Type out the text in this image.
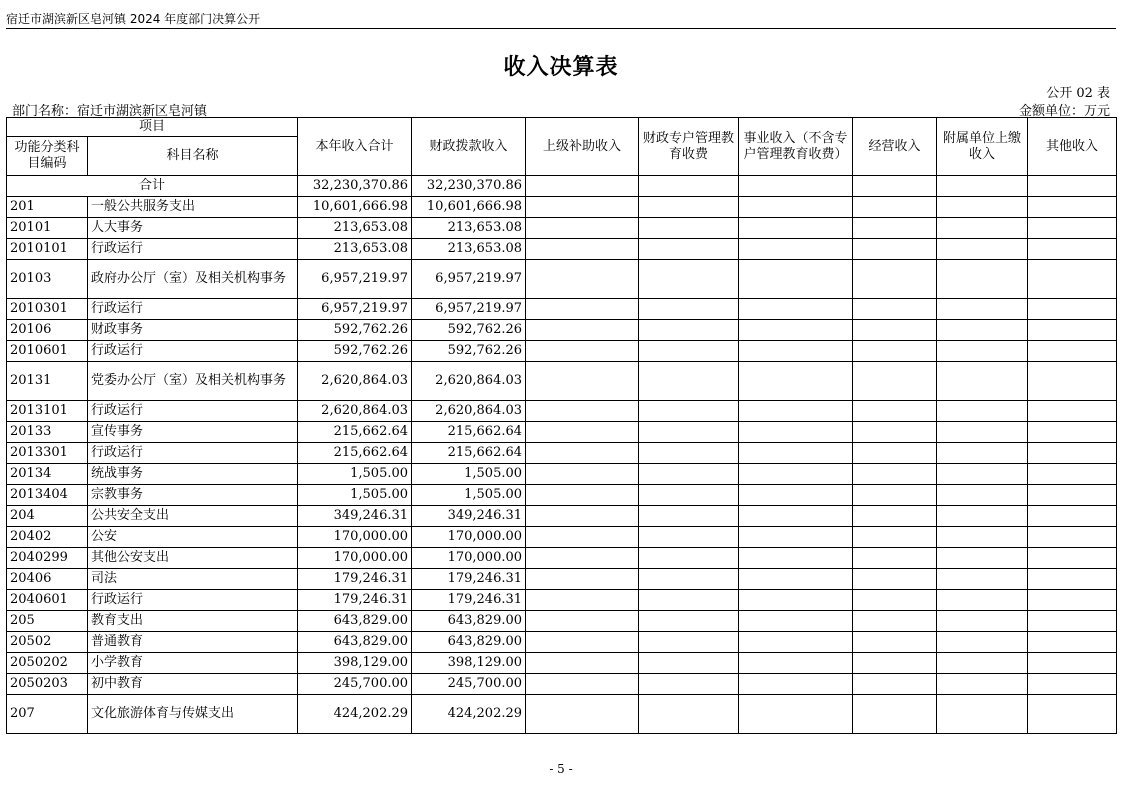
宿迁市湖滨新区皂河镇 2024 年度部门决算公开
收入决算表
公开 02 表
部门名称：宿迁市湖滨新区皂河镇	金额单位：万元
项目		本年收入合计	财政拨款收入	上级补助收入	财政专户管理教育收费	事业收入（不含专户管理教育收费）	经营收入	附属单位上缴收入	其他收入
功能分类科目编码	科目名称								
合计		32,230,370.86	32,230,370.86						
201	一般公共服务支出	10,601,666.98	10,601,666.98						
20101	人大事务	213,653.08	213,653.08						
2010101	行政运行	213,653.08	213,653.08						
20103	政府办公厅（室）及相关机构事务	6,957,219.97	6,957,219.97						
2010301	行政运行	6,957,219.97	6,957,219.97						
20106	财政事务	592,762.26	592,762.26						
2010601	行政运行	592,762.26	592,762.26						
20131	党委办公厅（室）及相关机构事务	2,620,864.03	2,620,864.03						
2013101	行政运行	2,620,864.03	2,620,864.03						
20133	宣传事务	215,662.64	215,662.64						
2013301	行政运行	215,662.64	215,662.64						
20134	统战事务	1,505.00	1,505.00						
2013404	宗教事务	1,505.00	1,505.00						
204	公共安全支出	349,246.31	349,246.31						
20402	公安	170,000.00	170,000.00						
2040299	其他公安支出	170,000.00	170,000.00						
20406	司法	179,246.31	179,246.31						
2040601	行政运行	179,246.31	179,246.31						
205	教育支出	643,829.00	643,829.00						
20502	普通教育	643,829.00	643,829.00						
2050202	小学教育	398,129.00	398,129.00						
2050203	初中教育	245,700.00	245,700.00						
207	文化旅游体育与传媒支出	424,202.29	424,202.29						
- 5 -
